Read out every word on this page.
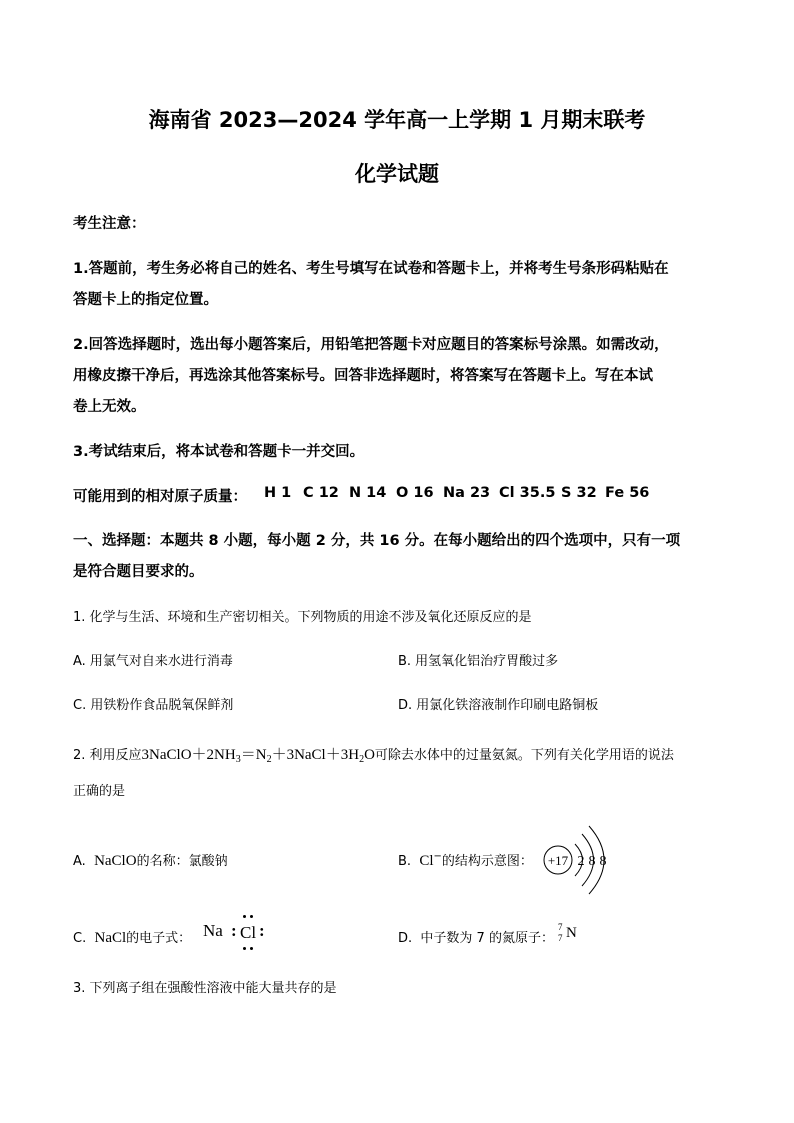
海南省 2023—2024 学年高一上学期 1 月期末联考
化学试题
考生注意：
1.答题前，考生务必将自己的姓名、考生号填写在试卷和答题卡上，并将考生号条形码粘贴在
答题卡上的指定位置。
2.回答选择题时，选出每小题答案后，用铅笔把答题卡对应题目的答案标号涂黑。如需改动，
用橡皮擦干净后，再选涂其他答案标号。回答非选择题时，将答案写在答题卡上。写在本试
卷上无效。
3.考试结束后，将本试卷和答题卡一并交回。
可能用到的相对原子质量： H 1 C 12 N 14 O 16 Na 23 Cl 35.5 S 32 Fe 56
一、选择题：本题共 8 小题，每小题 2 分，共 16 分。在每小题给出的四个选项中，只有一项
是符合题目要求的。
1. 化学与生活、环境和生产密切相关。下列物质的用途不涉及氧化还原反应的是
A. 用氯气对自来水进行消毒	B. 用氢氧化铝治疗胃酸过多
C. 用铁粉作食品脱氧保鲜剂	D. 用氯化铁溶液制作印刷电路铜板
2. 利用反应$3NaClO+2NH_3=N_2+3NaCl+3H_2O$可除去水体中的过量氨氮。下列有关化学用语的说法
正确的是
A. NaClO的名称：氯酸钠	B. Cl−的结构示意图： +17 2 8 8
C. NaCl的电子式： Na : Cl :	D. 中子数为 7 的氮原子：
7
7 N
3. 下列离子组在强酸性溶液中能大量共存的是
